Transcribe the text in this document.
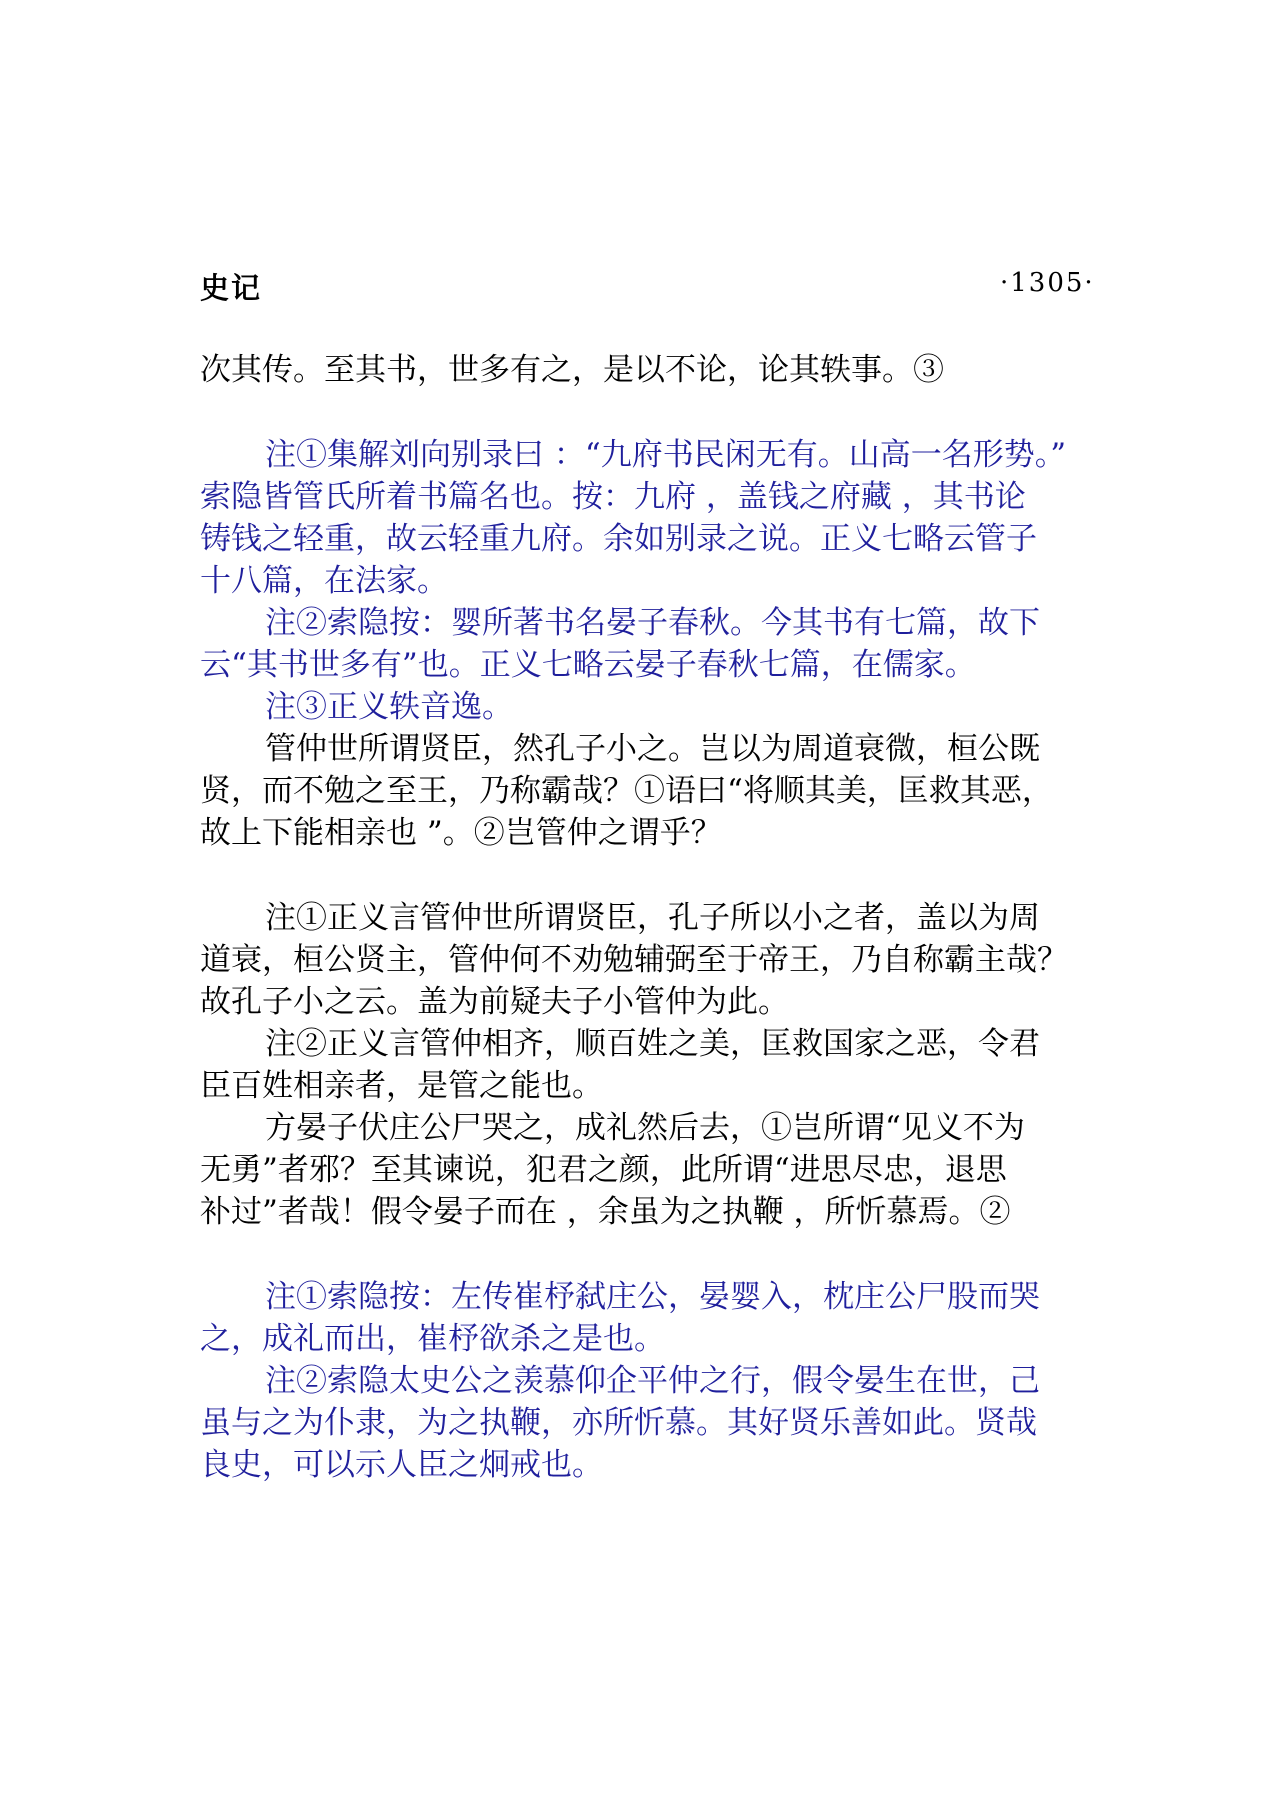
史记	·1305·
次其传。至其书，世多有之，是以不论，论其轶事。③
注①集解刘向别录曰 ：“九府书民闲无有。山高一名形势。”
索隐皆管氏所着书篇名也。按：九府 ，盖钱之府藏 ，其书论
铸钱之轻重，故云轻重九府。余如别录之说。正义七略云管子
十八篇，在法家。
注②索隐按：婴所著书名晏子春秋。今其书有七篇，故下
云“其书世多有”也。正义七略云晏子春秋七篇，在儒家。
注③正义轶音逸。
管仲世所谓贤臣，然孔子小之。岂以为周道衰微，桓公既
贤，而不勉之至王，乃称霸哉？①语曰“将顺其美，匡救其恶，
故上下能相亲也 ”。②岂管仲之谓乎？
注①正义言管仲世所谓贤臣，孔子所以小之者，盖以为周
道衰，桓公贤主，管仲何不劝勉辅弼至于帝王，乃自称霸主哉？
故孔子小之云。盖为前疑夫子小管仲为此。
注②正义言管仲相齐，顺百姓之美，匡救国家之恶，令君
臣百姓相亲者，是管之能也。
方晏子伏庄公尸哭之，成礼然后去，①岂所谓“见义不为
无勇”者邪？至其谏说，犯君之颜，此所谓“进思尽忠，退思
补过”者哉！假令晏子而在 ，余虽为之执鞭 ，所忻慕焉。②
注①索隐按：左传崔杼弑庄公，晏婴入，枕庄公尸股而哭
之，成礼而出，崔杼欲杀之是也。
注②索隐太史公之羡慕仰企平仲之行，假令晏生在世，己
虽与之为仆隶，为之执鞭，亦所忻慕。其好贤乐善如此。贤哉
良史，可以示人臣之炯戒也。
